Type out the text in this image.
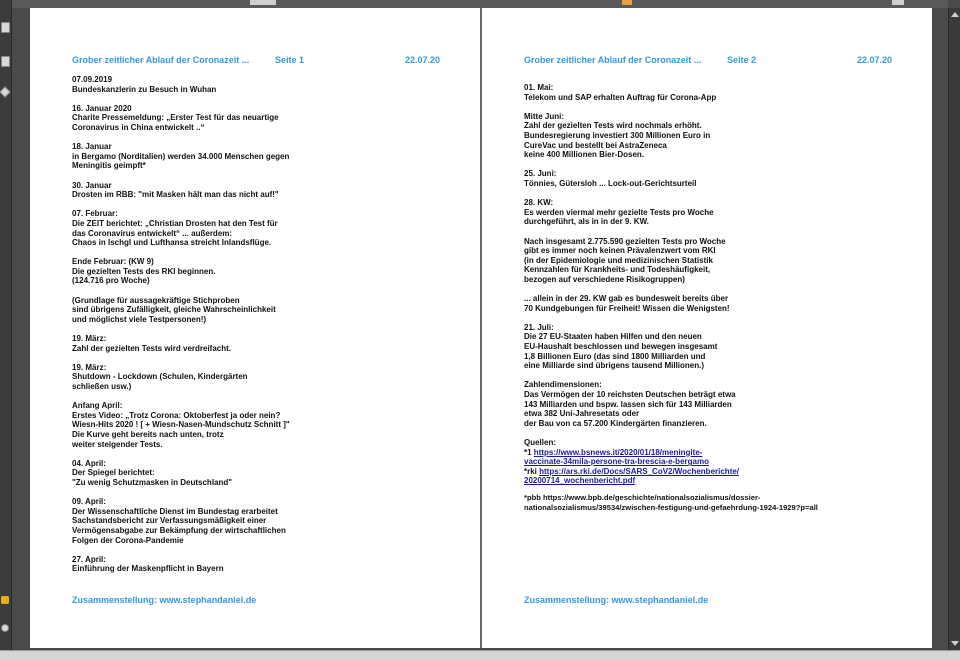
Grober zeitlicher Ablauf der Coronazeit ...	Seite 1	22.07.20
07.09.2019
Bundeskanzlerin zu Besuch in Wuhan
16. Januar 2020
Charite Pressemeldung: „Erster Test für das neuartige
Coronavirus in China entwickelt ..“
18. Januar
in Bergamo (Norditalien) werden 34.000 Menschen gegen
Meningitis geimpft*
30. Januar
Drosten im RBB: "mit Masken hält man das nicht auf!"
07. Februar:
Die ZEIT berichtet: „Christian Drosten hat den Test für
das Coronavirus entwickelt“ ... außerdem:
Chaos in Ischgl und Lufthansa streicht Inlandsflüge.
Ende Februar: (KW 9)
Die gezielten Tests des RKI beginnen.
(124.716 pro Woche)
(Grundlage für aussagekräftige Stichproben
sind übrigens Zufälligkeit, gleiche Wahrscheinlichkeit
und möglichst viele Testpersonen!)
19. März:
Zahl der gezielten Tests wird verdreifacht.
19. März:
Shutdown - Lockdown (Schulen, Kindergärten
schließen usw.)
Anfang April:
Erstes Video: „Trotz Corona: Oktoberfest ja oder nein?
Wiesn-Hits 2020 ! [ + Wiesn-Nasen-Mundschutz Schnitt ]"
Die Kurve geht bereits nach unten, trotz
weiter steigender Tests.
04. April:
Der Spiegel berichtet:
"Zu wenig Schutzmasken in Deutschland"
09. April:
Der Wissenschaftliche Dienst im Bundestag erarbeitet
Sachstandsbericht zur Verfassungsmäßigkeit einer
Vermögensabgabe zur Bekämpfung der wirtschaftlichen
Folgen der Corona-Pandemie
27. April:
Einführung der Maskenpflicht in Bayern
Zusammenstellung: www.stephandaniel.de
Grober zeitlicher Ablauf der Coronazeit ...	Seite 2	22.07.20
01. Mai:
Telekom und SAP erhalten Auftrag für Corona-App
Mitte Juni:
Zahl der gezielten Tests wird nochmals erhöht.
Bundesregierung investiert 300 Millionen Euro in
CureVac und bestellt bei AstraZeneca
keine 400 Millionen Bier-Dosen.
25. Juni:
Tönnies, Gütersloh ... Lock-out-Gerichtsurteil
28. KW:
Es werden viermal mehr gezielte Tests pro Woche
durchgeführt, als in in der 9. KW.
Nach insgesamt 2.775.590 gezielten Tests pro Woche
gibt es immer noch keinen Prävalenzwert vom RKI
(in der Epidemiologie und medizinischen Statistik
Kennzahlen für Krankheits- und Todeshäufigkeit,
bezogen auf verschiedene Risikogruppen)
... allein in der 29. KW gab es bundesweit bereits über
70 Kundgebungen für Freiheit! Wissen die Wenigsten!
21. Juli:
Die 27 EU-Staaten haben Hilfen und den neuen
EU-Haushalt beschlossen und bewegen insgesamt
1,8 Billionen Euro (das sind 1800 Milliarden und
eine Milliarde sind übrigens tausend Millionen.)
Zahlendimensionen:
Das Vermögen der 10 reichsten Deutschen beträgt etwa
143 Milliarden und bspw. lassen sich für 143 Milliarden
etwa 382 Uni-Jahresetats oder
der Bau von ca 57.200 Kindergärten finanzieren.
Quellen:
*1 https://www.bsnews.it/2020/01/18/meningite-
vaccinate-34mila-persone-tra-brescia-e-bergamo
*rki https://ars.rki.de/Docs/SARS_CoV2/Wochenberichte/
20200714_wochenbericht.pdf
*pbb https://www.bpb.de/geschichte/nationalsozialismus/dossier-
nationalsozialismus/39534/zwischen-festigung-und-gefaehrdung-1924-1929?p=all
Zusammenstellung: www.stephandaniel.de
